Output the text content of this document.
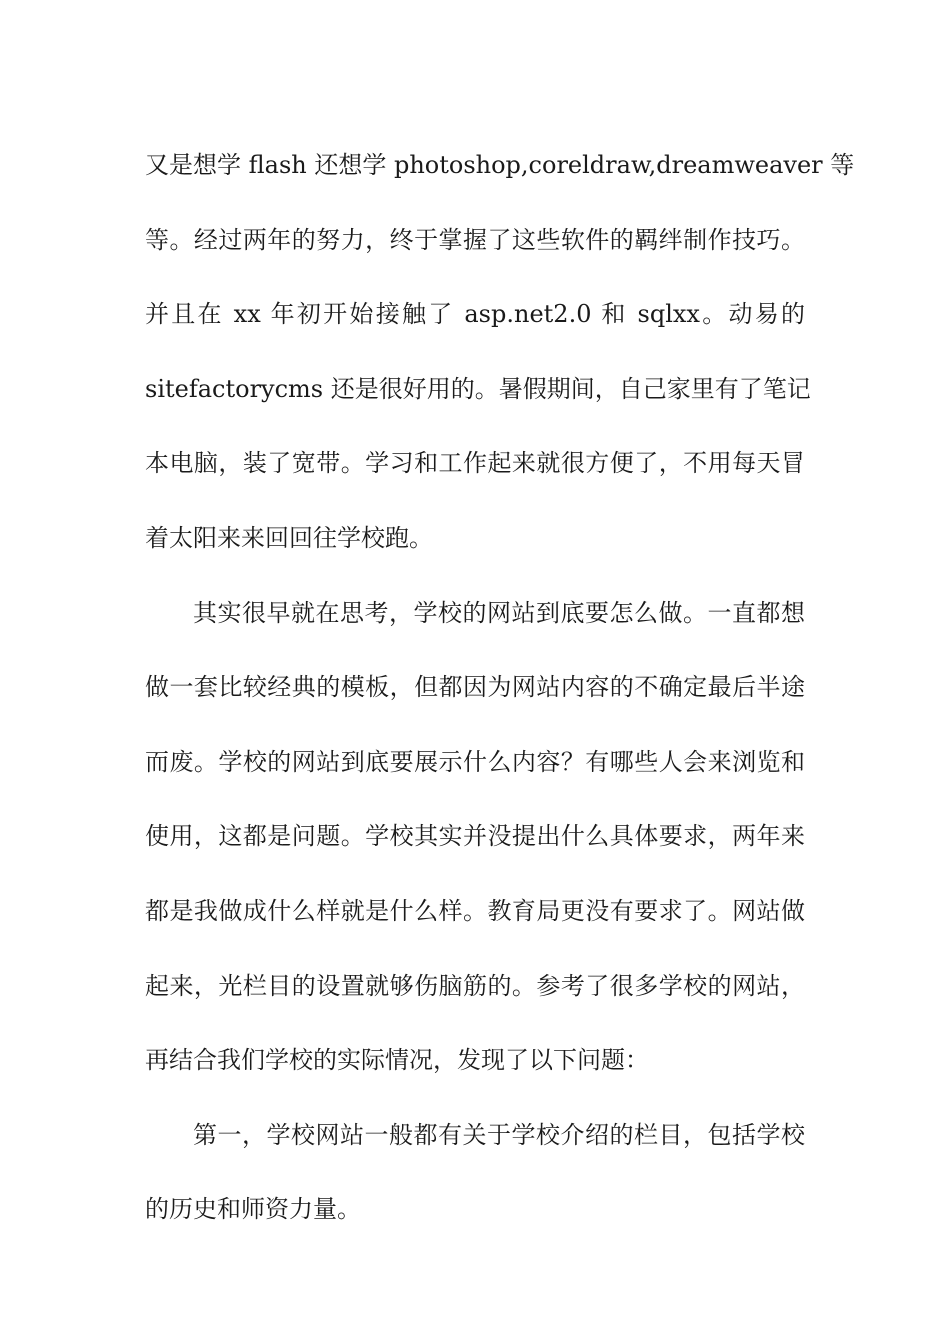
又是想学 flash 还想学 photoshop,coreldraw,dreamweaver 等
等。经过两年的努力，终于掌握了这些软件的羁绊制作技巧。
并且在 xx 年初开始接触了 asp.net2.0 和 sqlxx。动易的
sitefactorycms 还是很好用的。暑假期间，自己家里有了笔记
本电脑，装了宽带。学习和工作起来就很方便了，不用每天冒
着太阳来来回回往学校跑。
其实很早就在思考，学校的网站到底要怎么做。一直都想
做一套比较经典的模板，但都因为网站内容的不确定最后半途
而废。学校的网站到底要展示什么内容？有哪些人会来浏览和
使用，这都是问题。学校其实并没提出什么具体要求，两年来
都是我做成什么样就是什么样。教育局更没有要求了。网站做
起来，光栏目的设置就够伤脑筋的。参考了很多学校的网站，
再结合我们学校的实际情况，发现了以下问题：
第一，学校网站一般都有关于学校介绍的栏目，包括学校
的历史和师资力量。
